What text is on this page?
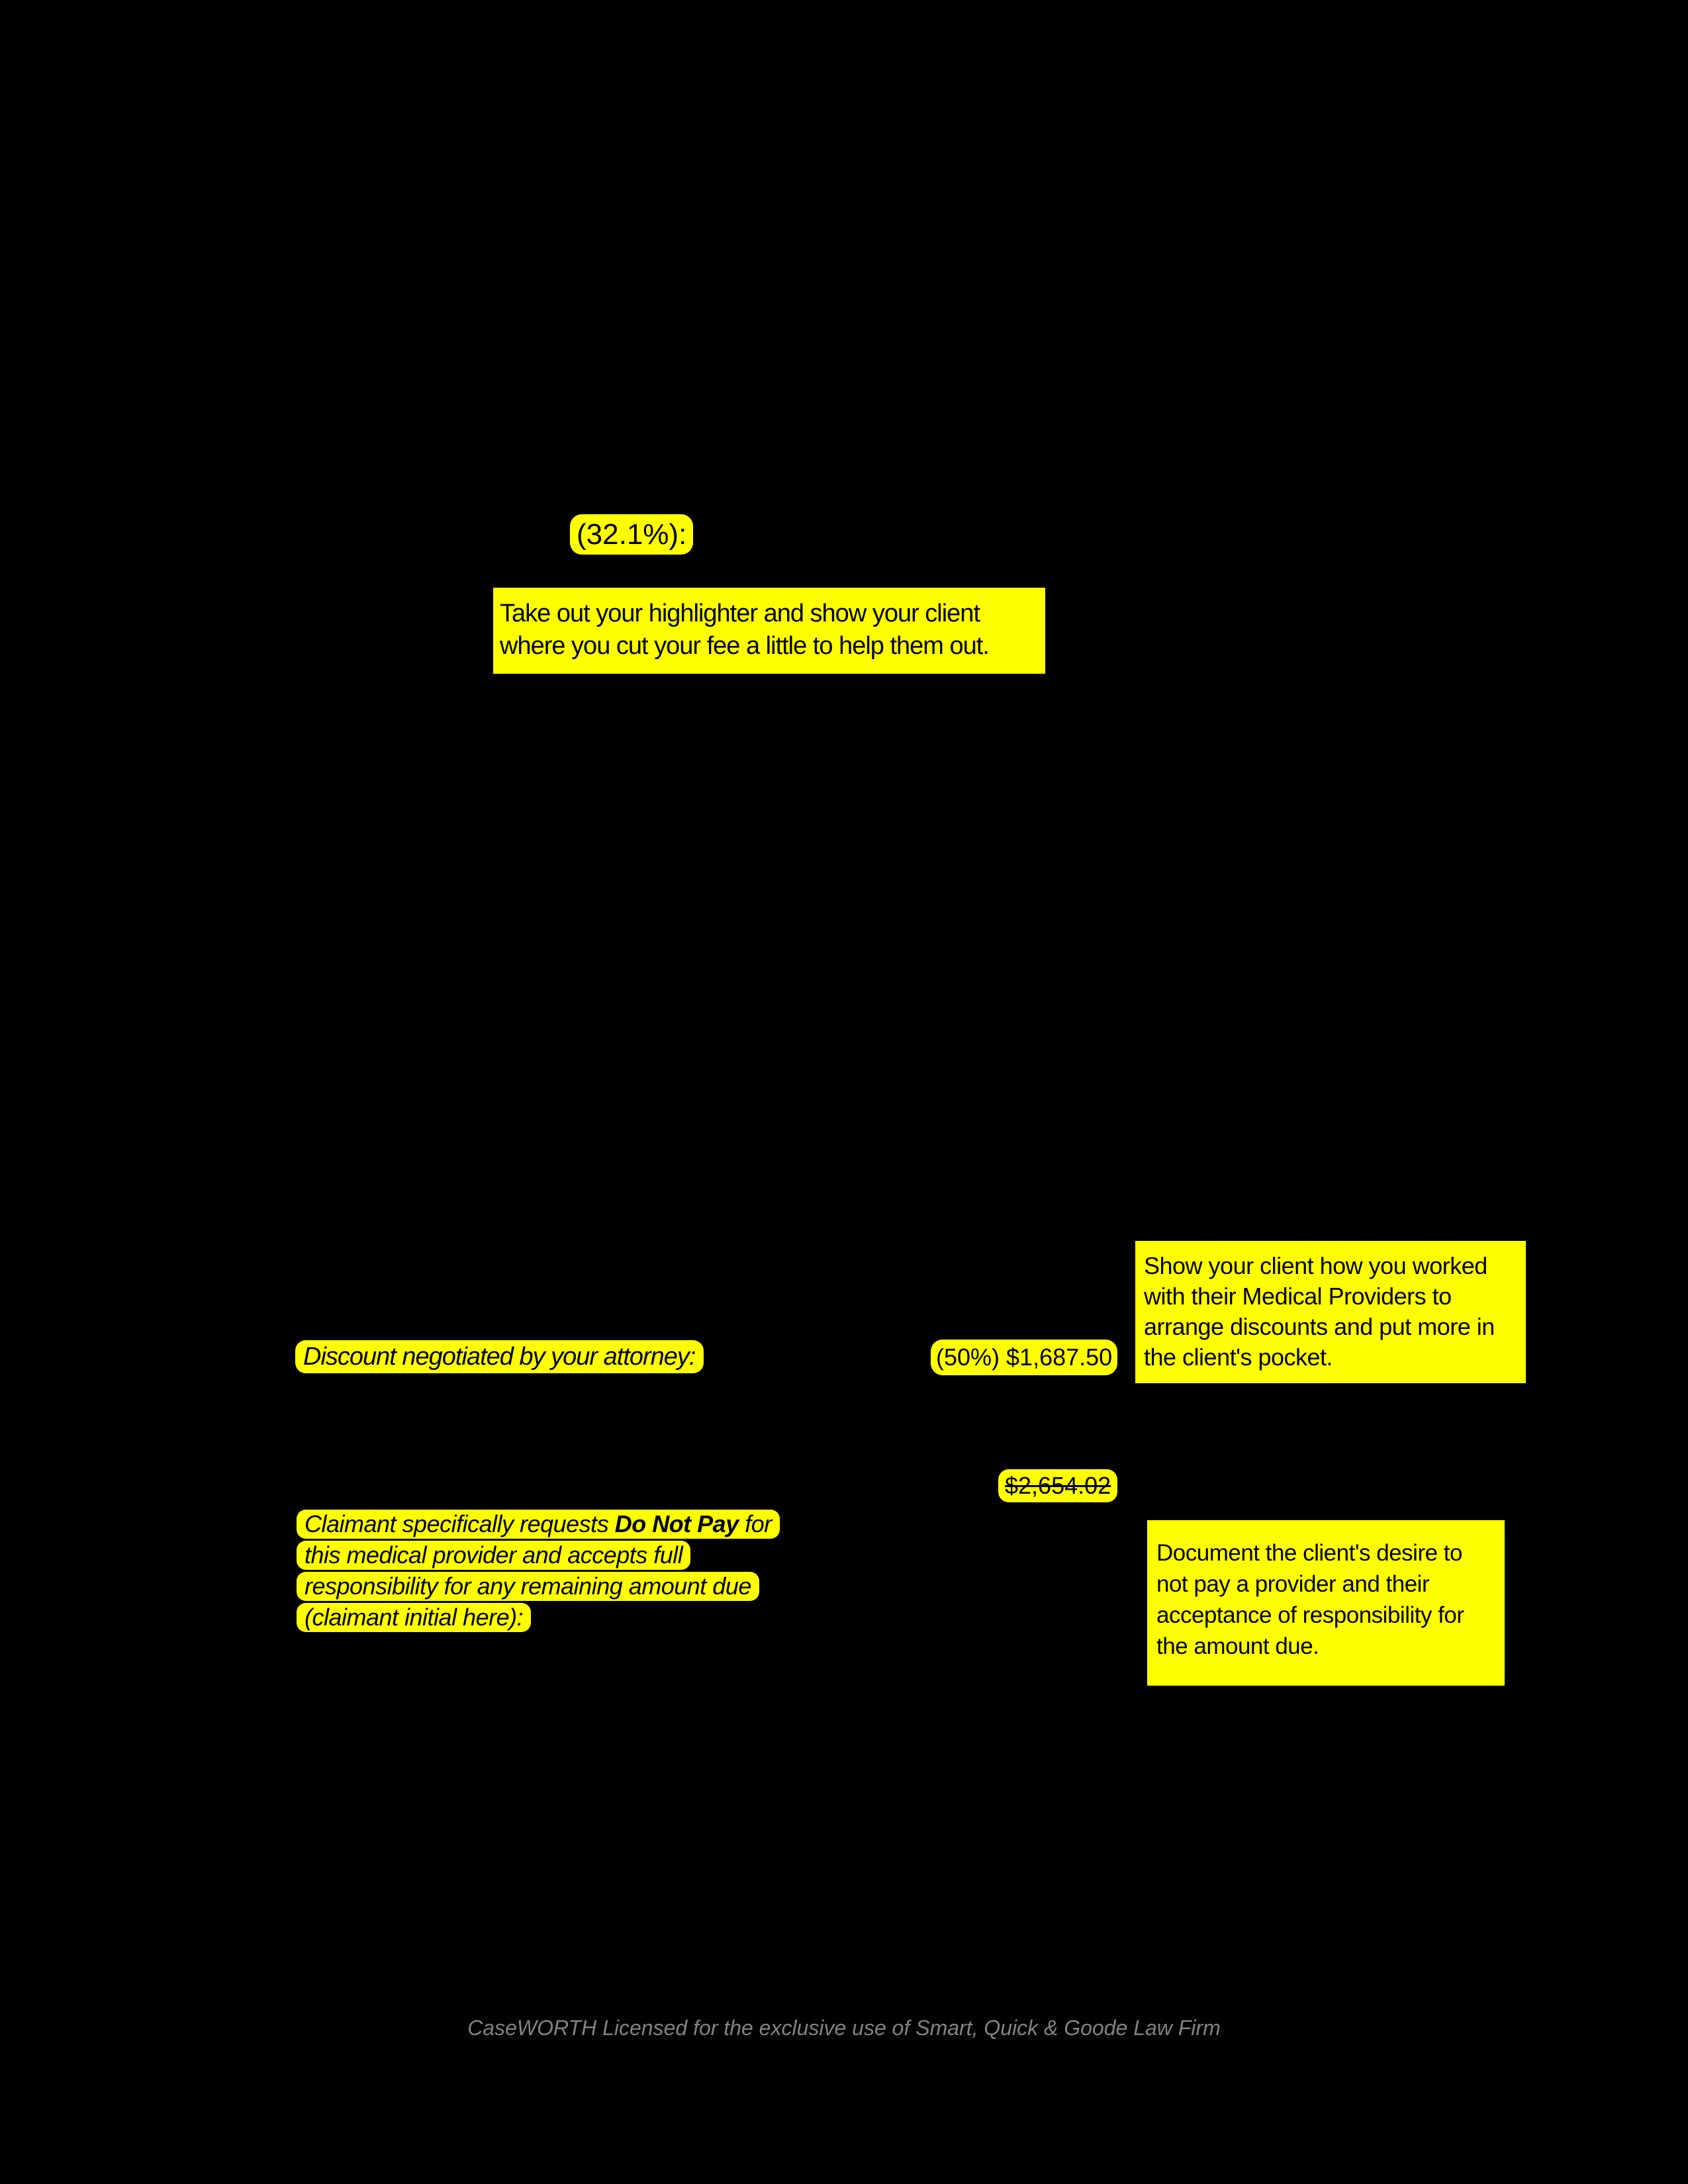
(32.1%):
Take out your highlighter and show your client
where you cut your fee a little to help them out.
Show your client how you worked
with their Medical Providers to
arrange discounts and put more in
the client's pocket.
Discount negotiated by your attorney:	(50%) $1,687.50
$2,654.02
Claimant specifically requests Do Not Pay for
this medical provider and accepts full
responsibility for any remaining amount due
(claimant initial here):
Document the client's desire to
not pay a provider and their
acceptance of responsibility for
the amount due.
CaseWORTH Licensed for the exclusive use of Smart, Quick & Goode Law Firm
